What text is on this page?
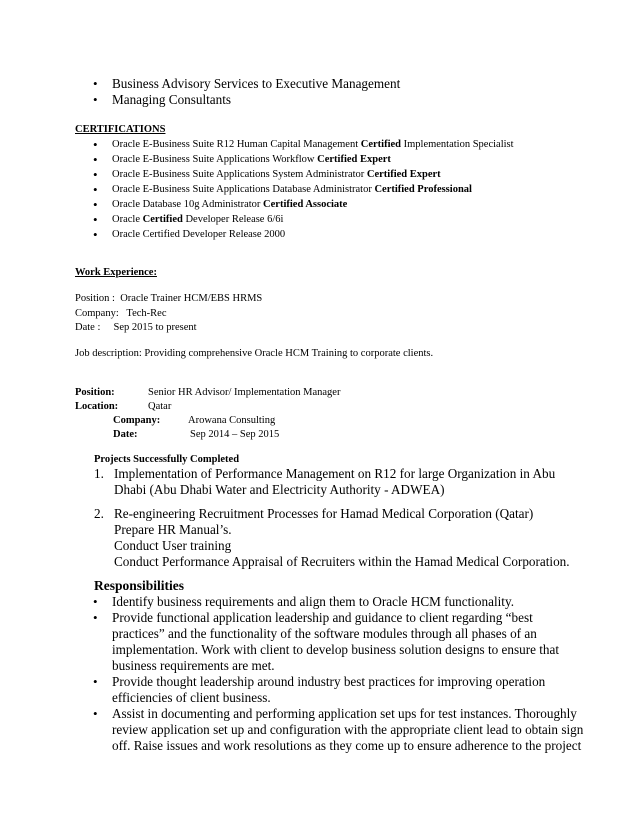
• Business Advisory Services to Executive Management
• Managing Consultants
CERTIFICATIONS
• Oracle E-Business Suite R12 Human Capital Management Certified Implementation Specialist
• Oracle E-Business Suite Applications Workflow Certified Expert
• Oracle E-Business Suite Applications System Administrator Certified Expert
• Oracle E-Business Suite Applications Database Administrator Certified Professional
• Oracle Database 10g Administrator Certified Associate
• Oracle Certified Developer Release 6/6i
• Oracle Certified Developer Release 2000
Work Experience:
Position :  Oracle Trainer HCM/EBS HRMS
Company:   Tech-Rec
Date :     Sep 2015 to present
Job description: Providing comprehensive Oracle HCM Training to corporate clients.
Position:	Senior HR Advisor/ Implementation Manager
Location:	Qatar
Company:	Arowana Consulting
Date:	Sep 2014 – Sep 2015
Projects Successfully Completed
1. Implementation of Performance Management on R12 for large Organization in Abu
Dhabi (Abu Dhabi Water and Electricity Authority - ADWEA)
2. Re-engineering Recruitment Processes for Hamad Medical Corporation (Qatar)
Prepare HR Manual’s.
Conduct User training
Conduct Performance Appraisal of Recruiters within the Hamad Medical Corporation.
Responsibilities
• Identify business requirements and align them to Oracle HCM functionality.
• Provide functional application leadership and guidance to client regarding “best
practices” and the functionality of the software modules through all phases of an
implementation. Work with client to develop business solution designs to ensure that
business requirements are met.
• Provide thought leadership around industry best practices for improving operation
efficiencies of client business.
• Assist in documenting and performing application set ups for test instances. Thoroughly
review application set up and configuration with the appropriate client lead to obtain sign
off. Raise issues and work resolutions as they come up to ensure adherence to the project
